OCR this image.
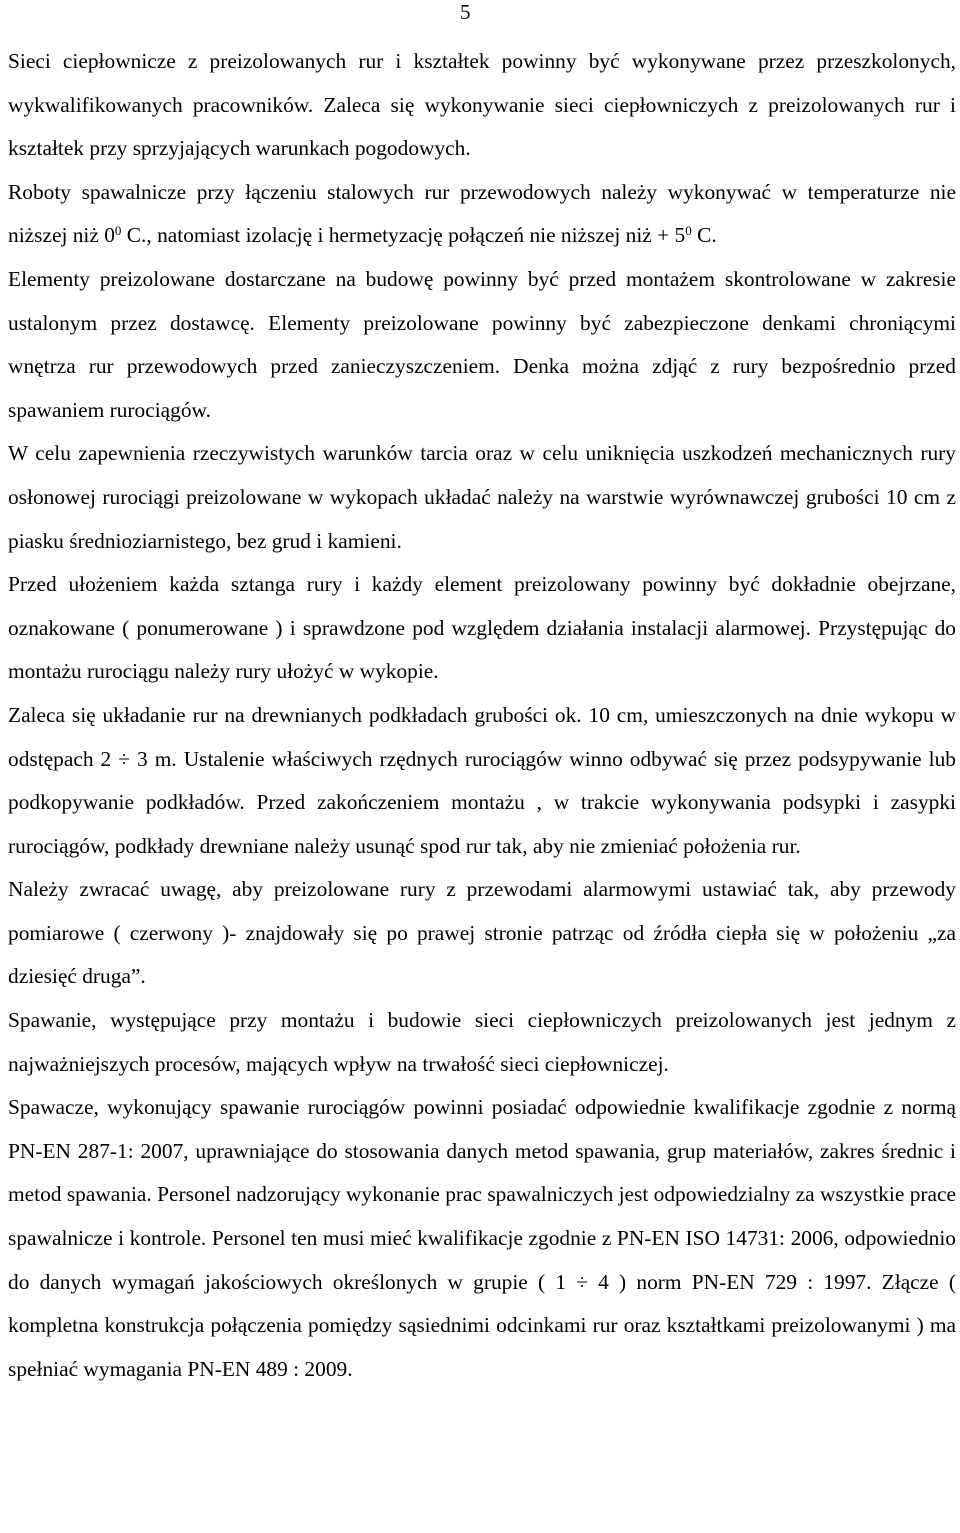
5

Sieci ciepłownicze z preizolowanych rur i kształtek powinny być wykonywane przez przeszkolonych, wykwalifikowanych pracowników. Zaleca się wykonywanie sieci ciepłowniczych z preizolowanych rur i kształtek przy sprzyjających warunkach pogodowych.

Roboty spawalnicze przy łączeniu stalowych rur przewodowych należy wykonywać w temperaturze nie niższej niż $0^0$ C., natomiast izolację i hermetyzację połączeń nie niższej niż + $5^0$ C.

Elementy preizolowane dostarczane na budowę powinny być przed montażem skontrolowane w zakresie ustalonym przez dostawcę. Elementy preizolowane powinny być zabezpieczone denkami chroniącymi wnętrza rur przewodowych przed zanieczyszczeniem. Denka można zdjąć z rury bezpośrednio przed spawaniem rurociągów.

W celu zapewnienia rzeczywistych warunków tarcia oraz w celu uniknięcia uszkodzeń mechanicznych rury osłonowej rurociągi preizolowane w wykopach układać należy na warstwie wyrównawczej grubości 10 cm z piasku średnioziarnistego, bez grud i kamieni.

Przed ułożeniem każda sztanga rury i każdy element preizolowany powinny być dokładnie obejrzane, oznakowane ( ponumerowane ) i sprawdzone pod względem działania instalacji alarmowej. Przystępując do montażu rurociągu należy rury ułożyć w wykopie.

Zaleca się układanie rur na drewnianych podkładach grubości ok. 10 cm, umieszczonych na dnie wykopu w odstępach 2 ÷ 3 m. Ustalenie właściwych rzędnych rurociągów winno odbywać się przez podsypywanie lub podkopywanie podkładów. Przed zakończeniem montażu , w trakcie wykonywania podsypki i zasypki rurociągów, podkłady drewniane należy usunąć spod rur tak, aby nie zmieniać położenia rur.

Należy zwracać uwagę, aby preizolowane rury z przewodami alarmowymi ustawiać tak, aby przewody pomiarowe ( czerwony )- znajdowały się po prawej stronie patrząc od źródła ciepła się w położeniu „za dziesięć druga”.

Spawanie, występujące przy montażu i budowie sieci ciepłowniczych preizolowanych jest jednym z najważniejszych procesów, mających wpływ na trwałość sieci ciepłowniczej.

Spawacze, wykonujący spawanie rurociągów powinni posiadać odpowiednie kwalifikacje zgodnie z normą PN-EN 287-1: 2007, uprawniające do stosowania danych metod spawania, grup materiałów, zakres średnic i metod spawania. Personel nadzorujący wykonanie prac spawalniczych jest odpowiedzialny za wszystkie prace spawalnicze i kontrole. Personel ten musi mieć kwalifikacje zgodnie z PN-EN ISO 14731: 2006, odpowiednio do danych wymagań jakościowych określonych w grupie ( 1 ÷ 4 ) norm PN-EN 729 : 1997. Złącze ( kompletna konstrukcja połączenia pomiędzy sąsiednimi odcinkami rur oraz kształtkami preizolowanymi ) ma spełniać wymagania PN-EN 489 : 2009.
